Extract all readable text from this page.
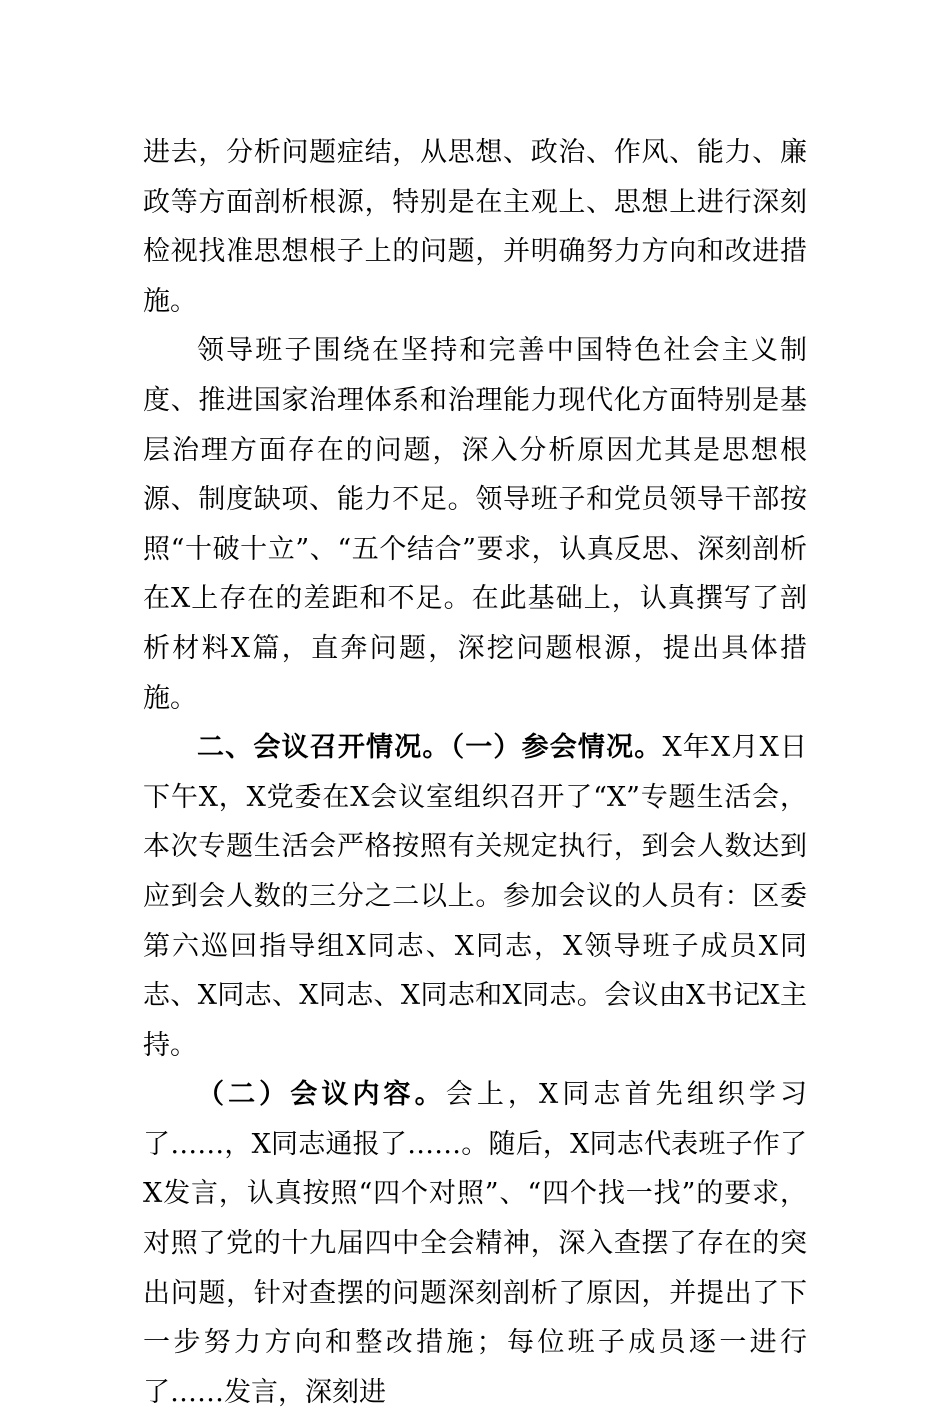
进去，分析问题症结，从思想、政治、作风、能力、廉政等方面剖析根源，特别是在主观上、思想上进行深刻检视找准思想根子上的问题，并明确努力方向和改进措施。

领导班子围绕在坚持和完善中国特色社会主义制度、推进国家治理体系和治理能力现代化方面特别是基层治理方面存在的问题，深入分析原因尤其是思想根源、制度缺项、能力不足。领导班子和党员领导干部按照“十破十立”、“五个结合”要求，认真反思、深刻剖析在X上存在的差距和不足。在此基础上，认真撰写了剖析材料X篇，直奔问题，深挖问题根源，提出具体措施。

二、会议召开情况。（一）参会情况。X年X月X日下午X，X党委在X会议室组织召开了“X”专题生活会，本次专题生活会严格按照有关规定执行，到会人数达到应到会人数的三分之二以上。参加会议的人员有：区委第六巡回指导组X同志、X同志，X领导班子成员X同志、X同志、X同志、X同志和X同志。会议由X书记X主持。

（二）会议内容。会上，X同志首先组织学习了……，X同志通报了……。随后，X同志代表班子作了X发言，认真按照“四个对照”、“四个找一找”的要求，对照了党的十九届四中全会精神，深入查摆了存在的突出问题，针对查摆的问题深刻剖析了原因，并提出了下一步努力方向和整改措施；每位班子成员逐一进行了……发言，深刻进
